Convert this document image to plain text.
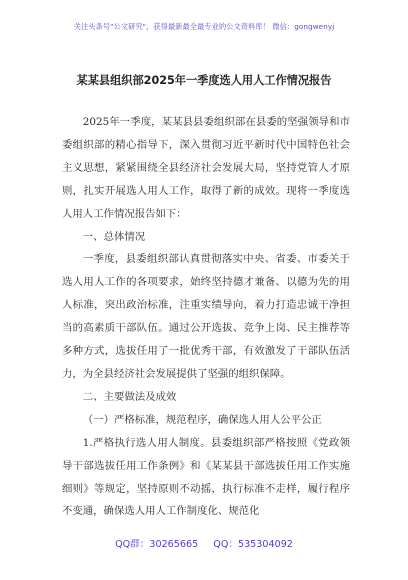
关注头条号"公文研究"，获得最新最全最专业的公文资料库！ 微信：gongwenyj
某某县组织部2025年一季度选人用人工作情况报告

2025年一季度，某某县县委组织部在县委的坚强领导和市委组织部的精心指导下，深入贯彻习近平新时代中国特色社会主义思想，紧紧围绕全县经济社会发展大局，坚持党管人才原则，扎实开展选人用人工作，取得了新的成效。现将一季度选人用人工作情况报告如下：

一、总体情况

一季度，县委组织部认真贯彻落实中央、省委、市委关于选人用人工作的各项要求，始终坚持德才兼备、以德为先的用人标准，突出政治标准，注重实绩导向，着力打造忠诚干净担当的高素质干部队伍。通过公开选拔、竞争上岗、民主推荐等多种方式，选拔任用了一批优秀干部，有效激发了干部队伍活力，为全县经济社会发展提供了坚强的组织保障。

二、主要做法及成效

（一）严格标准，规范程序，确保选人用人公平公正

1.严格执行选人用人制度。县委组织部严格按照《党政领导干部选拔任用工作条例》和《某某县干部选拔任用工作实施细则》等规定，坚持原则不动摇，执行标准不走样，履行程序不变通，确保选人用人工作制度化、规范化

QQ群：30265665 QQ：535304092
